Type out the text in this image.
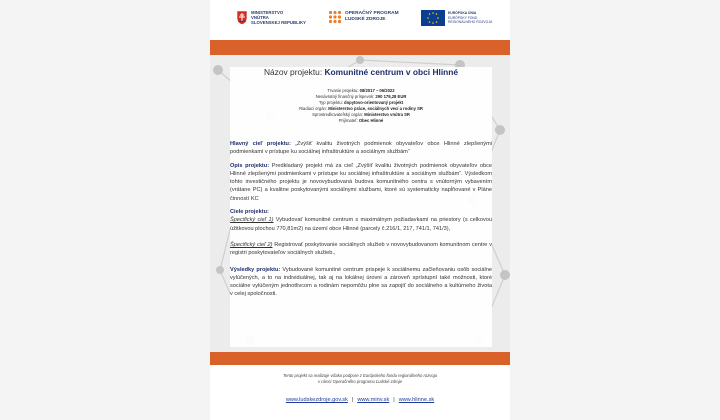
MINISTERSTVO
VNÚTRA
SLOVENSKEJ REPUBLIKY
OPERAČNÝ PROGRAM
ĽUDSKÉ ZDROJE
EURÓPSKA ÚNIA
EURÓPSKY FOND
REGIONÁLNEHO ROZVOJA
Názov projektu: Komunitné centrum v obci Hlinné
Trvanie projektu: 08/2017 – 06/2022
Nenávratný finančný príspevok: 290 179,28 EUR
Typ projektu: dopytovo-orientovaný projekt
Riadiaci orgán: Ministerstvo práce, sociálnych vecí a rodiny SR
Sprostredkovateľský orgán: Ministerstvo vnútra SR
Prijímateľ: Obec Hlinné

Hlavný cieľ projektu: „Zvýšiť kvalitu životných podmienok obyvateľov obce Hlinné zlepšenými podmienkami v prístupe ku sociálnej infraštruktúre a sociálnym službám“

Opis projektu: Predkladaný projekt má za cieľ „Zvýšiť kvalitu životných podmienok obyvateľov obce Hlinné zlepšenými podmienkami v prístupe ku sociálnej infraštruktúre a sociálnym službám“. Výsledkom tohto investičného projektu je novovybudovaná budova komunitného centra s vnútorným vybavením (vrátane PC) a kvalitne poskytovanými sociálnymi službami, ktoré sú systematicky napĺňované v Pláne činností KC

Ciele projektu:
Špecifický cieľ 1) Vybudovať komunitné centrum s maximálnym požiadavkami na priestory (s celkovou úžitkovou plochou 770,81m2) na území obce Hlinné (parcely č.216/1, 217, 741/1, 741/3),

Špecifický cieľ 2) Registrovať poskytovanie sociálnych služieb v novovybudovanom komunitnom centre v registri poskytovateľov sociálnych služieb.,

Výsledky projektu: Vybudované komunitné centrum prispeje k sociálnemu začleňovaniu osôb sociálne vylúčených, a to na individuálnej, tak aj na lokálnej úrovni a zároveň sprístupní také možnosti, ktoré sociálne vylúčeným jednotlivcom a rodinám nepomôžu plne sa zapojiť do sociálneho a kultúrneho života v celej spoločnosti.

Tento projekt sa realizuje vďaka podpore z Európskeho fondu regionálneho rozvoja
v rámci Operačného programu Ľudské zdroje
www.ludskezdroje.gov.sk | www.minv.sk | www.hlinne.sk
